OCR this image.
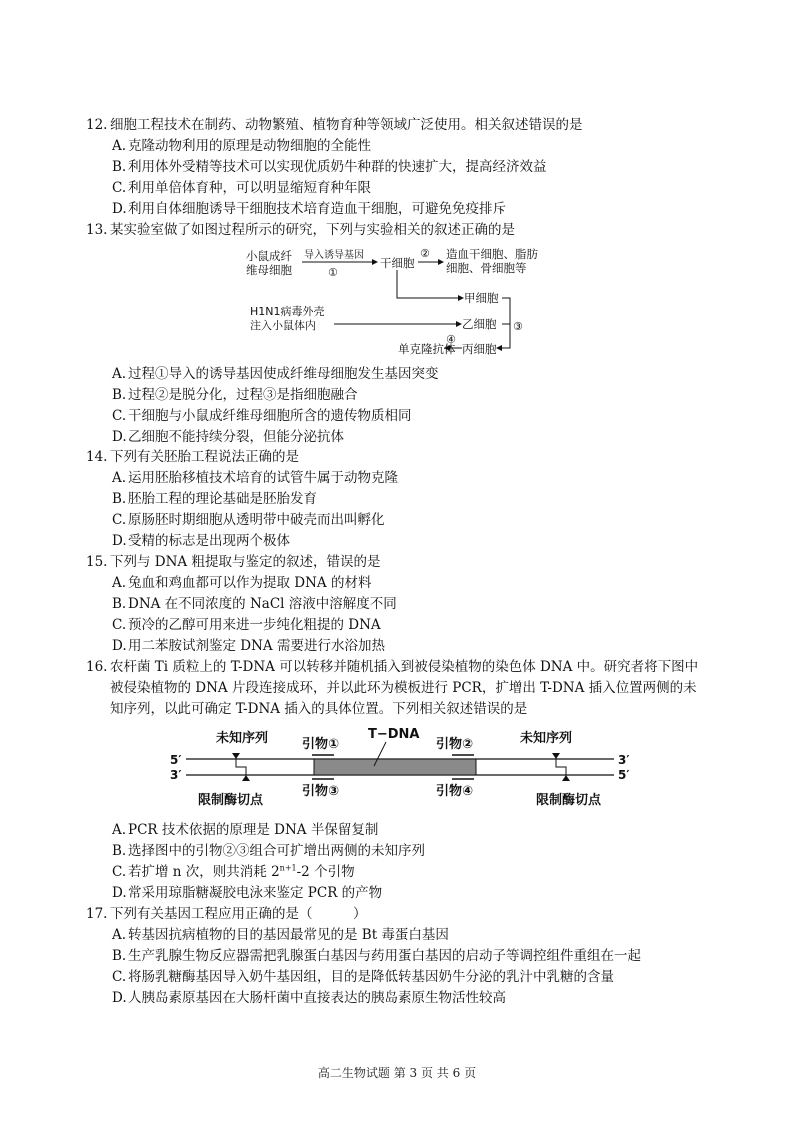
12. 细胞工程技术在制药、动物繁殖、植物育种等领域广泛使用。相关叙述错误的是
A. 克隆动物利用的原理是动物细胞的全能性
B. 利用体外受精等技术可以实现优质奶牛种群的快速扩大，提高经济效益
C. 利用单倍体育种，可以明显缩短育种年限
D.利用自体细胞诱导干细胞技术培育造血干细胞，可避免免疫排斥
13. 某实验室做了如图过程所示的研究，下列与实验相关的叙述正确的是
小鼠成纤
维母细胞
导入诱导基因
①
干细胞
② 造血干细胞、脂肪
细胞、骨细胞等
甲细胞
H1N1病毒外壳
注入小鼠体内	乙细胞 ③
丙细胞
④
单克隆抗体
A. 过程①导入的诱导基因使成纤维母细胞发生基因突变
B. 过程②是脱分化，过程③是指细胞融合
C. 干细胞与小鼠成纤维母细胞所含的遗传物质相同
D.乙细胞不能持续分裂，但能分泌抗体
14. 下列有关胚胎工程说法正确的是
A. 运用胚胎移植技术培育的试管牛属于动物克隆
B. 胚胎工程的理论基础是胚胎发育
C. 原肠胚时期细胞从透明带中破壳而出叫孵化
D.受精的标志是出现两个极体
15. 下列与 DNA 粗提取与鉴定的叙述，错误的是
A. 兔血和鸡血都可以作为提取 DNA 的材料
B. DNA 在不同浓度的 NaCl 溶液中溶解度不同
C. 预冷的乙醇可用来进一步纯化粗提的 DNA
D.用二苯胺试剂鉴定 DNA 需要进行水浴加热
16. 农杆菌 Ti 质粒上的 T-DNA 可以转移并随机插入到被侵染植物的染色体 DNA 中。研究者将下图中
被侵染植物的 DNA 片段连接成环，并以此环为模板进行 PCR，扩增出 T-DNA 插入位置两侧的未
知序列，以此可确定 T-DNA 插入的具体位置。下列相关叙述错误的是
未知序列	未知序列
引物①
T−DNA
引物②
5′
3′
3′
5′
引物③	引物④
限制酶切点	限制酶切点
A. PCR 技术依据的原理是 DNA 半保留复制
B. 选择图中的引物②③组合可扩增出两侧的未知序列
C. 若扩增 n 次，则共消耗 $2^{n+1}-2$ 个引物
D.常采用琼脂糖凝胶电泳来鉴定 PCR 的产物
17. 下列有关基因工程应用正确的是（　　　）
A. 转基因抗病植物的目的基因最常见的是 Bt 毒蛋白基因
B. 生产乳腺生物反应器需把乳腺蛋白基因与药用蛋白基因的启动子等调控组件重组在一起
C. 将肠乳糖酶基因导入奶牛基因组，目的是降低转基因奶牛分泌的乳汁中乳糖的含量
D.人胰岛素原基因在大肠杆菌中直接表达的胰岛素原生物活性较高
高二生物试题 第 3 页 共 6 页
